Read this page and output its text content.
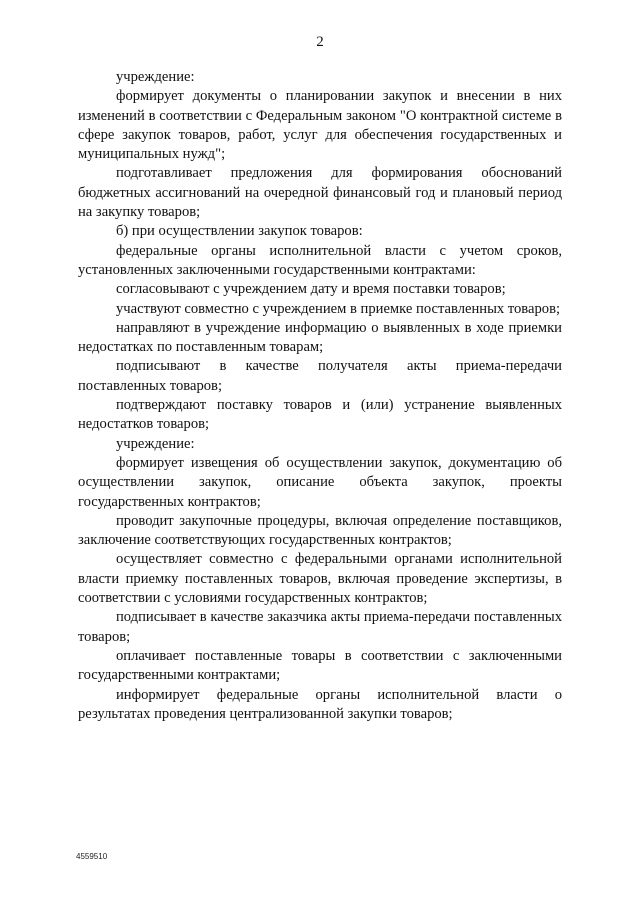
2

учреждение:

формирует документы о планировании закупок и внесении в них изменений в соответствии с Федеральным законом "О контрактной системе в сфере закупок товаров, работ, услуг для обеспечения государственных и муниципальных нужд";

подготавливает предложения для формирования обоснований бюджетных ассигнований на очередной финансовый год и плановый период на закупку товаров;

б) при осуществлении закупок товаров:

федеральные органы исполнительной власти с учетом сроков, установленных заключенными государственными контрактами:

согласовывают с учреждением дату и время поставки товаров;

участвуют совместно с учреждением в приемке поставленных товаров;

направляют в учреждение информацию о выявленных в ходе приемки недостатках по поставленным товарам;

подписывают в качестве получателя акты приема-передачи поставленных товаров;

подтверждают поставку товаров и (или) устранение выявленных недостатков товаров;

учреждение:

формирует извещения об осуществлении закупок, документацию об осуществлении закупок, описание объекта закупок, проекты государственных контрактов;

проводит закупочные процедуры, включая определение поставщиков, заключение соответствующих государственных контрактов;

осуществляет совместно с федеральными органами исполнительной власти приемку поставленных товаров, включая проведение экспертизы, в соответствии с условиями государственных контрактов;

подписывает в качестве заказчика акты приема-передачи поставленных товаров;

оплачивает поставленные товары в соответствии с заключенными государственными контрактами;

информирует федеральные органы исполнительной власти о результатах проведения централизованной закупки товаров;

4559510
